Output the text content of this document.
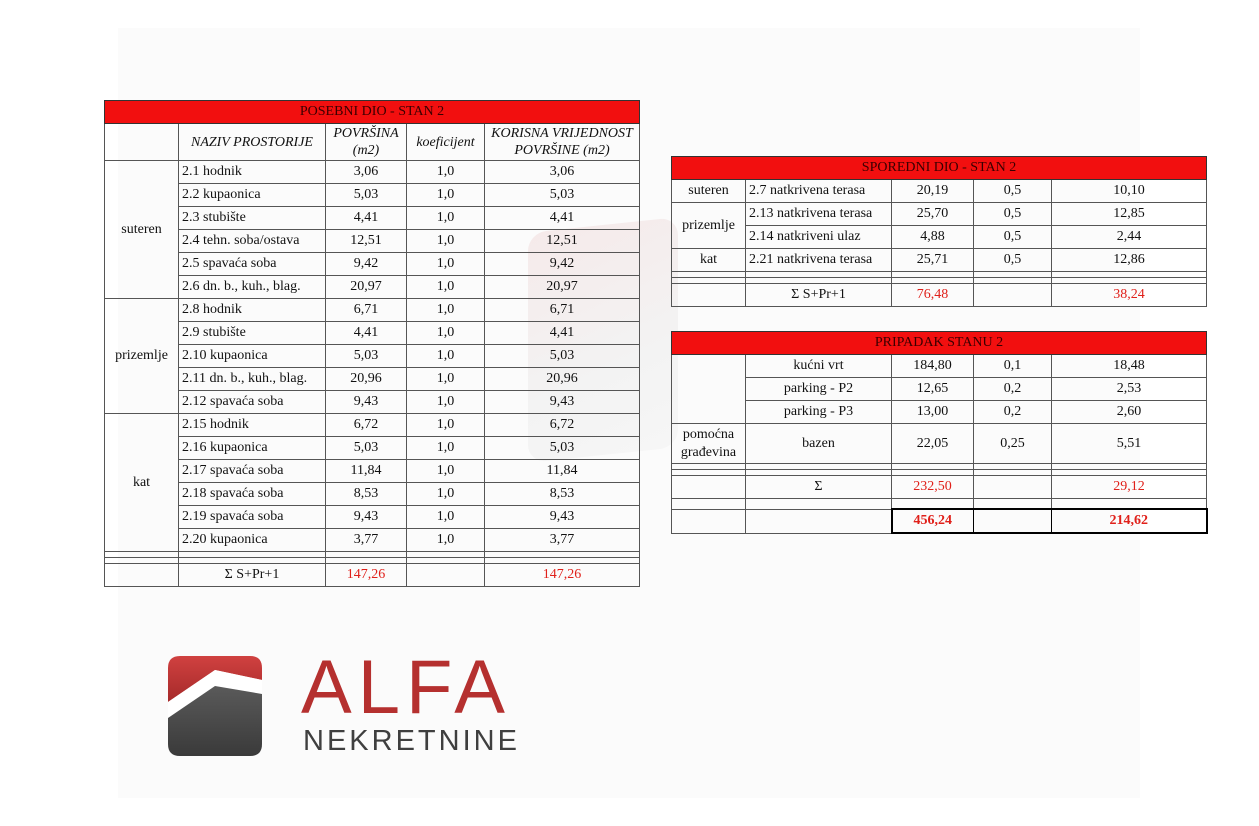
POSEBNI DIO - STAN 2				
	NAZIV PROSTORIJE	POVRŠINA (m2)	koeficijent	KORISNA VRIJEDNOST POVRŠINE (m2)
suteren	2.1 hodnik	3,06	1,0	3,06
	2.2 kupaonica	5,03	1,0	5,03
	2.3 stubište	4,41	1,0	4,41
	2.4 tehn. soba/ostava	12,51	1,0	12,51
	2.5 spavaća soba	9,42	1,0	9,42
	2.6 dn. b., kuh., blag.	20,97	1,0	20,97
prizemlje	2.8 hodnik	6,71	1,0	6,71
	2.9 stubište	4,41	1,0	4,41
	2.10 kupaonica	5,03	1,0	5,03
	2.11 dn. b., kuh., blag.	20,96	1,0	20,96
	2.12 spavaća soba	9,43	1,0	9,43
kat	2.15 hodnik	6,72	1,0	6,72
	2.16 kupaonica	5,03	1,0	5,03
	2.17 spavaća soba	11,84	1,0	11,84
	2.18 spavaća soba	8,53	1,0	8,53
	2.19 spavaća soba	9,43	1,0	9,43
	2.20 kupaonica	3,77	1,0	3,77

	Σ S+Pr+1	147,26		147,26
SPOREDNI DIO - STAN 2				
suteren	2.7 natkrivena terasa	20,19	0,5	10,10
prizemlje	2.13 natkrivena terasa	25,70	0,5	12,85
	2.14 natkriveni ulaz	4,88	0,5	2,44
kat	2.21 natkrivena terasa	25,71	0,5	12,86

	Σ S+Pr+1	76,48		38,24
PRIPADAK STANU 2				
	kućni vrt	184,80	0,1	18,48
	parking - P2	12,65	0,2	2,53
	parking - P3	13,00	0,2	2,60
pomoćna građevina	bazen	22,05	0,25	5,51

	Σ	232,50		29,12

		456,24		214,62
ALFA
NEKRETNINE
